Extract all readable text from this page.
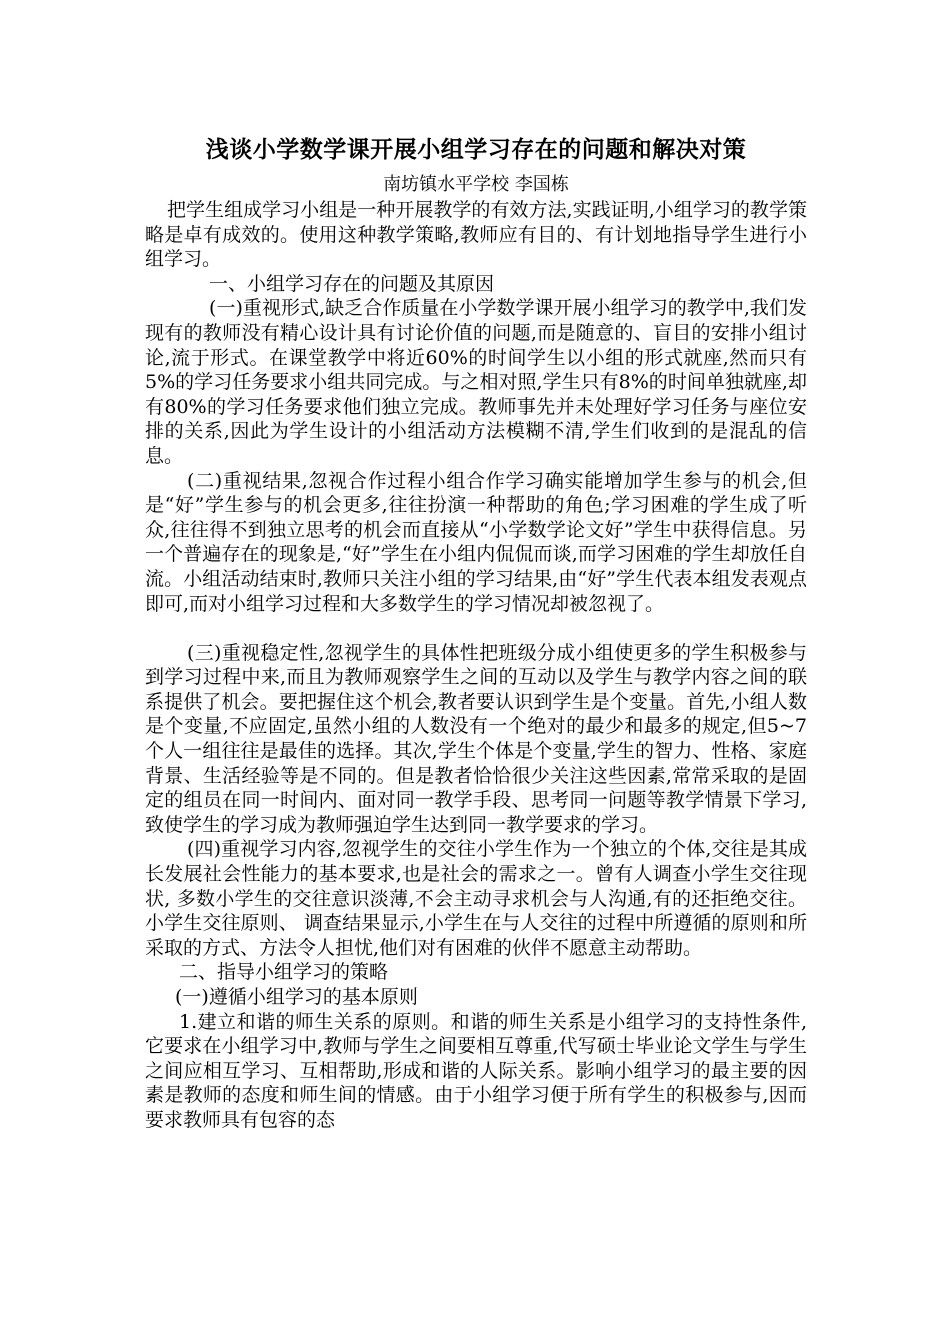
浅谈小学数学课开展小组学习存在的问题和解决对策

南坊镇水平学校 李国栋

把学生组成学习小组是一种开展教学的有效方法,实践证明,小组学习的教学策略是卓有成效的。使用这种教学策略,教师应有目的、有计划地指导学生进行小组学习。

一、小组学习存在的问题及其原因

(一)重视形式,缺乏合作质量在小学数学课开展小组学习的教学中,我们发现有的教师没有精心设计具有讨论价值的问题,而是随意的、盲目的安排小组讨论,流于形式。在课堂教学中将近60%的时间学生以小组的形式就座,然而只有5%的学习任务要求小组共同完成。与之相对照,学生只有8%的时间单独就座,却有80%的学习任务要求他们独立完成。教师事先并未处理好学习任务与座位安排的关系,因此为学生设计的小组活动方法模糊不清,学生们收到的是混乱的信息。

(二)重视结果,忽视合作过程小组合作学习确实能增加学生参与的机会,但是“好”学生参与的机会更多,往往扮演一种帮助的角色;学习困难的学生成了听众,往往得不到独立思考的机会而直接从“小学数学论文好”学生中获得信息。另一个普遍存在的现象是,“好”学生在小组内侃侃而谈,而学习困难的学生却放任自流。小组活动结束时,教师只关注小组的学习结果,由“好”学生代表本组发表观点即可,而对小组学习过程和大多数学生的学习情况却被忽视了。

(三)重视稳定性,忽视学生的具体性把班级分成小组使更多的学生积极参与到学习过程中来,而且为教师观察学生之间的互动以及学生与教学内容之间的联系提供了机会。要把握住这个机会,教者要认识到学生是个变量。首先,小组人数是个变量,不应固定,虽然小组的人数没有一个绝对的最少和最多的规定,但5~7个人一组往往是最佳的选择。其次,学生个体是个变量,学生的智力、性格、家庭背景、生活经验等是不同的。但是教者恰恰很少关注这些因素,常常采取的是固定的组员在同一时间内、面对同一教学手段、思考同一问题等教学情景下学习,致使学生的学习成为教师强迫学生达到同一教学要求的学习。

(四)重视学习内容,忽视学生的交往小学生作为一个独立的个体,交往是其成长发展社会性能力的基本要求,也是社会的需求之一。曾有人调查小学生交往现状, 多数小学生的交往意识淡薄,不会主动寻求机会与人沟通,有的还拒绝交往。小学生交往原则、 调查结果显示,小学生在与人交往的过程中所遵循的原则和所采取的方式、方法令人担忧,他们对有困难的伙伴不愿意主动帮助。

二、指导小组学习的策略

(一)遵循小组学习的基本原则

1.建立和谐的师生关系的原则。和谐的师生关系是小组学习的支持性条件,它要求在小组学习中,教师与学生之间要相互尊重,代写硕士毕业论文学生与学生之间应相互学习、互相帮助,形成和谐的人际关系。影响小组学习的最主要的因素是教师的态度和师生间的情感。由于小组学习便于所有学生的积极参与,因而要求教师具有包容的态
